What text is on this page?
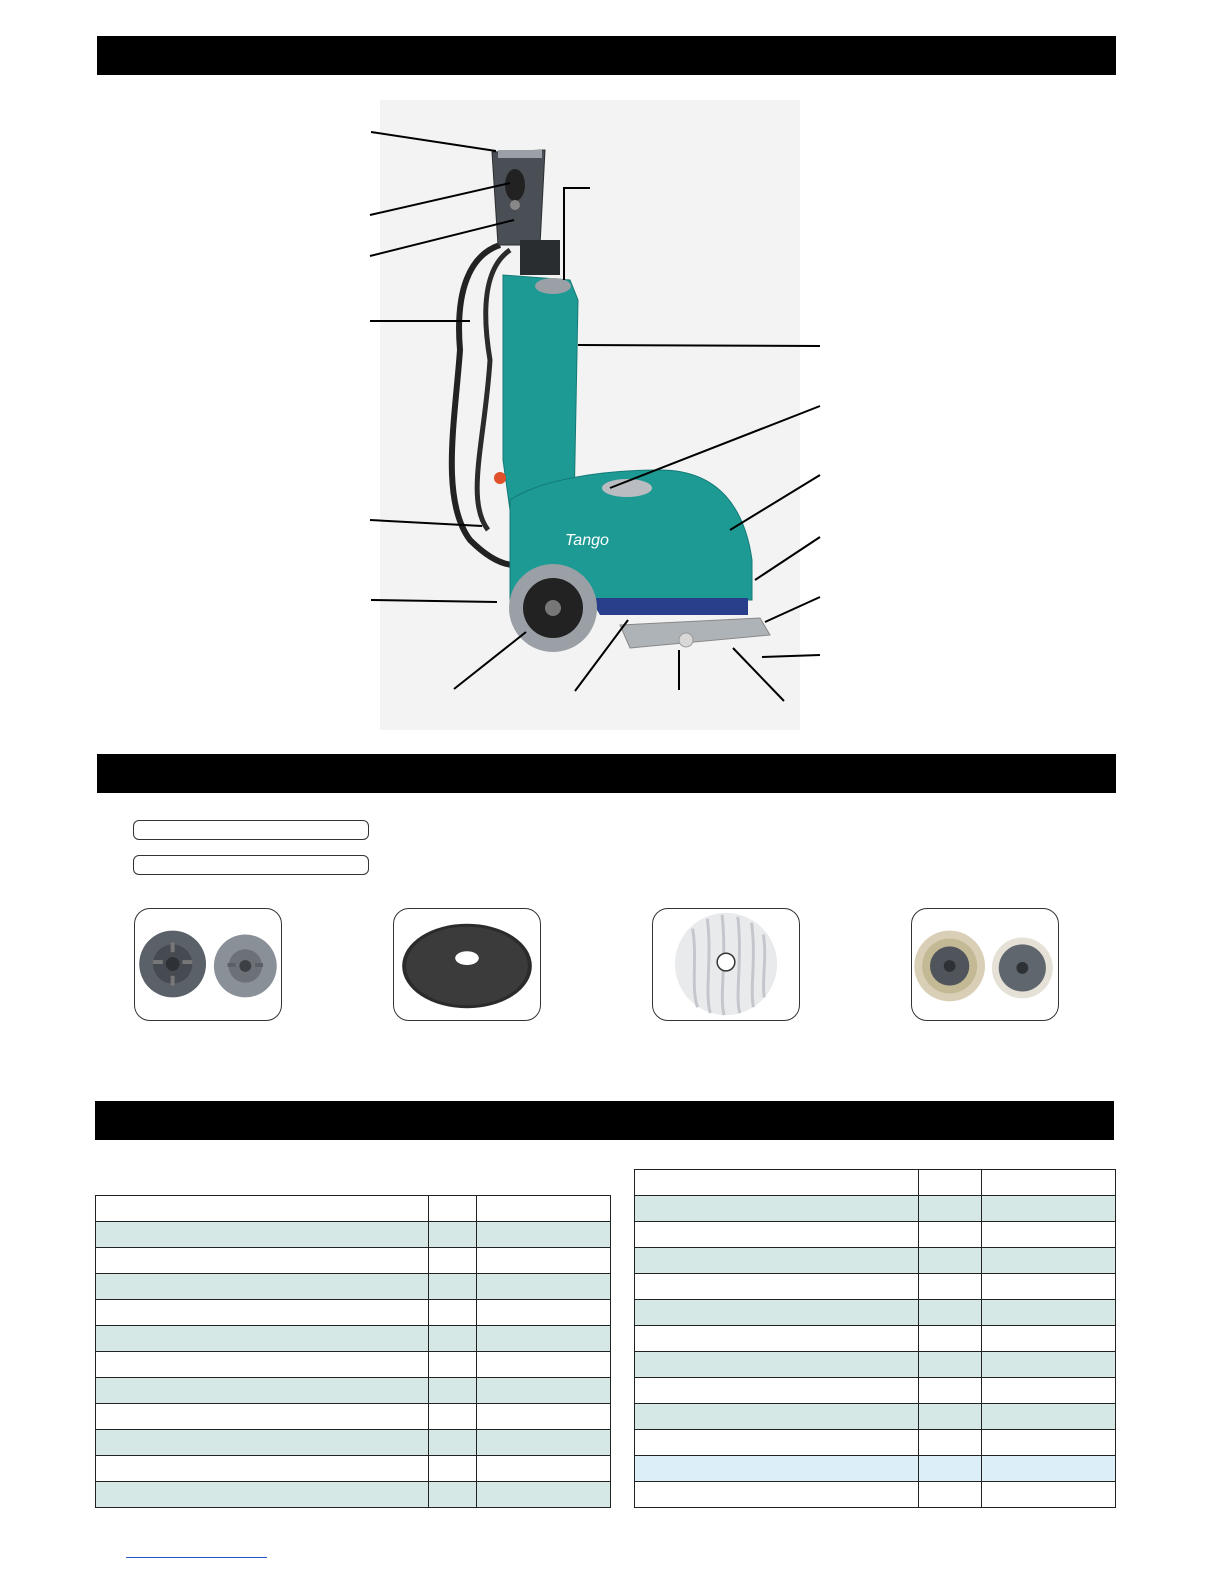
Tango
